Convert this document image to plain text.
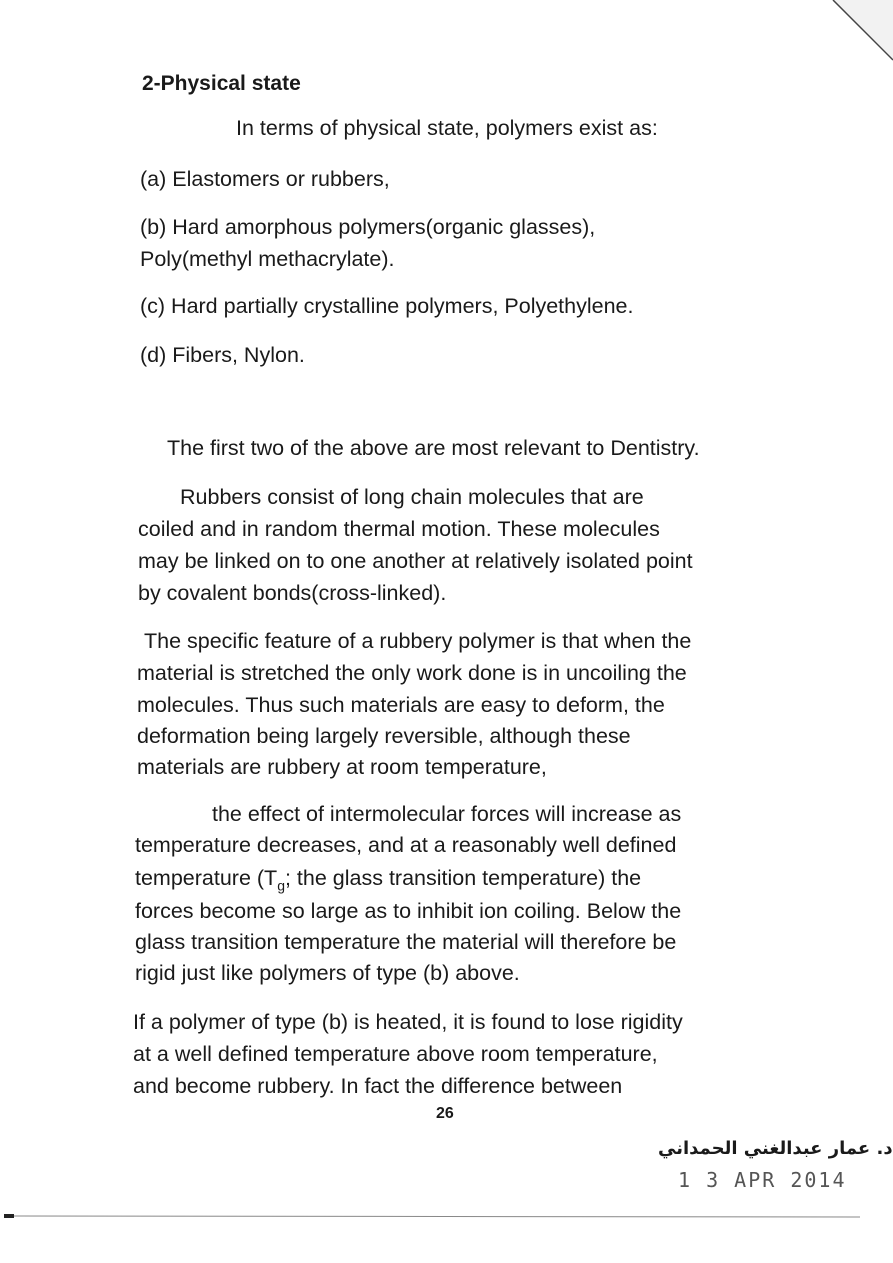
2-Physical state
In terms of physical state, polymers exist as:
(a) Elastomers or rubbers,
(b) Hard amorphous polymers(organic glasses),
Poly(methyl methacrylate).
(c) Hard partially crystalline polymers, Polyethylene.
(d) Fibers, Nylon.
The first two of the above are most relevant to Dentistry.
Rubbers consist of long chain molecules that are
coiled and in random thermal motion. These molecules
may be linked on to one another at relatively isolated point
by covalent bonds(cross-linked).
The specific feature of a rubbery polymer is that when the
material is stretched the only work done is in uncoiling the
molecules. Thus such materials are easy to deform, the
deformation being largely reversible, although these
materials are rubbery at room temperature,
the effect of intermolecular forces will increase as
temperature decreases, and at a reasonably well defined
temperature ($T_g$; the glass transition temperature) the
forces become so large as to inhibit ion coiling. Below the
glass transition temperature the material will therefore be
rigid just like polymers of type (b) above.
If a polymer of type (b) is heated, it is found to lose rigidity
at a well defined temperature above room temperature,
and become rubbery. In fact the difference between
26
د. عمار عبدالغني الحمداني
1 3 APR 2014
